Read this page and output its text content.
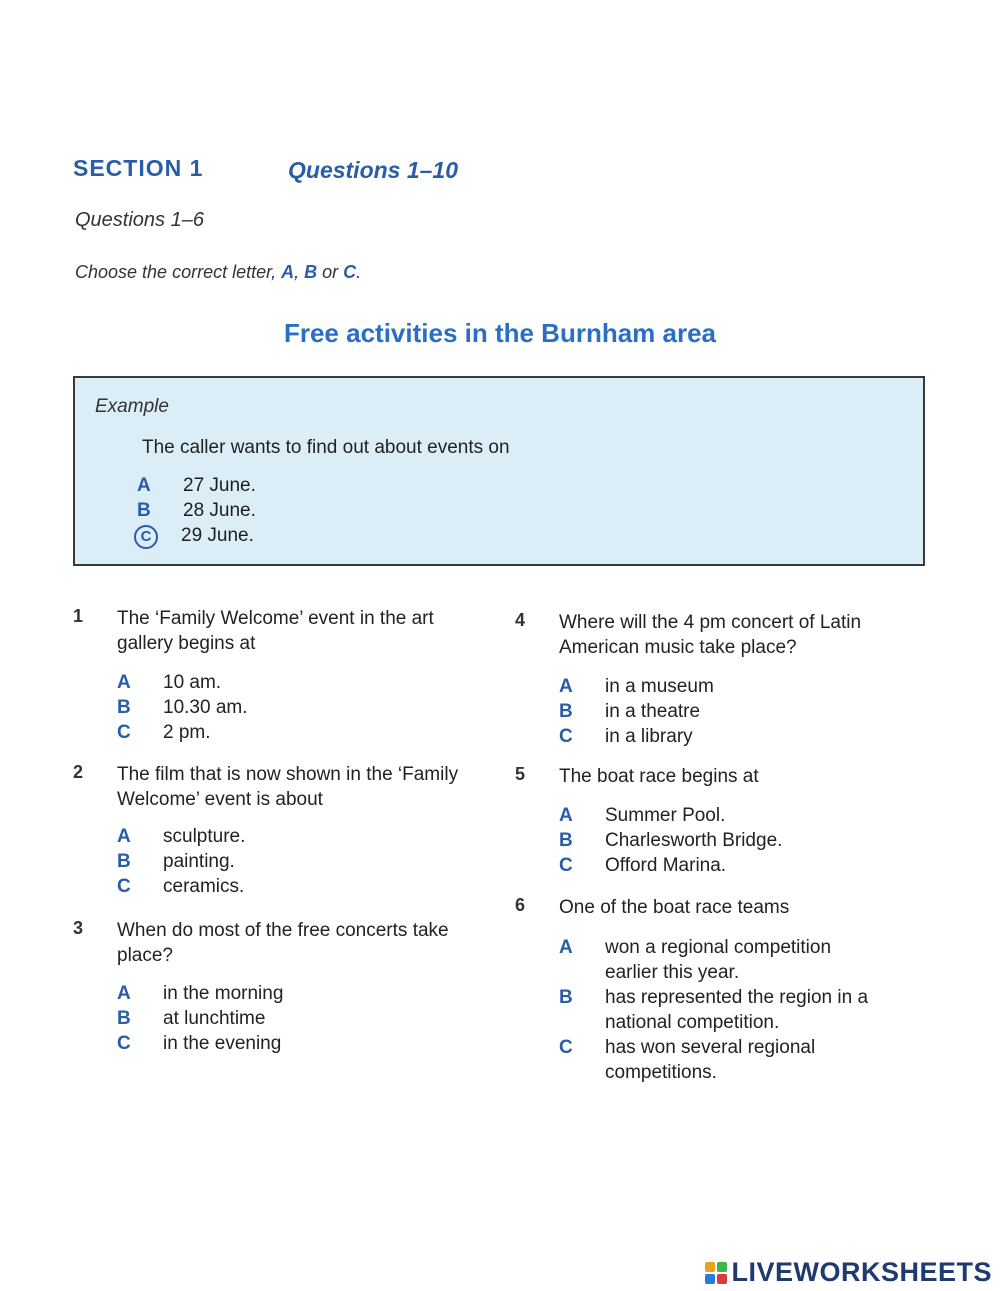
SECTION 1	Questions 1–10
Questions 1–6
Choose the correct letter, A, B or C.
Free activities in the Burnham area
Example
The caller wants to find out about events on
A 27 June.
B 28 June.
C 29 June.
1 The ‘Family Welcome’ event in the art gallery begins at
A 10 am.
B 10.30 am.
C 2 pm.
2 The film that is now shown in the ‘Family Welcome’ event is about
A sculpture.
B painting.
C ceramics.
3 When do most of the free concerts take place?
A in the morning
B at lunchtime
C in the evening
4 Where will the 4 pm concert of Latin American music take place?
A in a museum
B in a theatre
C in a library
5 The boat race begins at
A Summer Pool.
B Charlesworth Bridge.
C Offord Marina.
6 One of the boat race teams
A won a regional competition earlier this year.
B has represented the region in a national competition.
C has won several regional competitions.
LIVEWORKSHEETS
